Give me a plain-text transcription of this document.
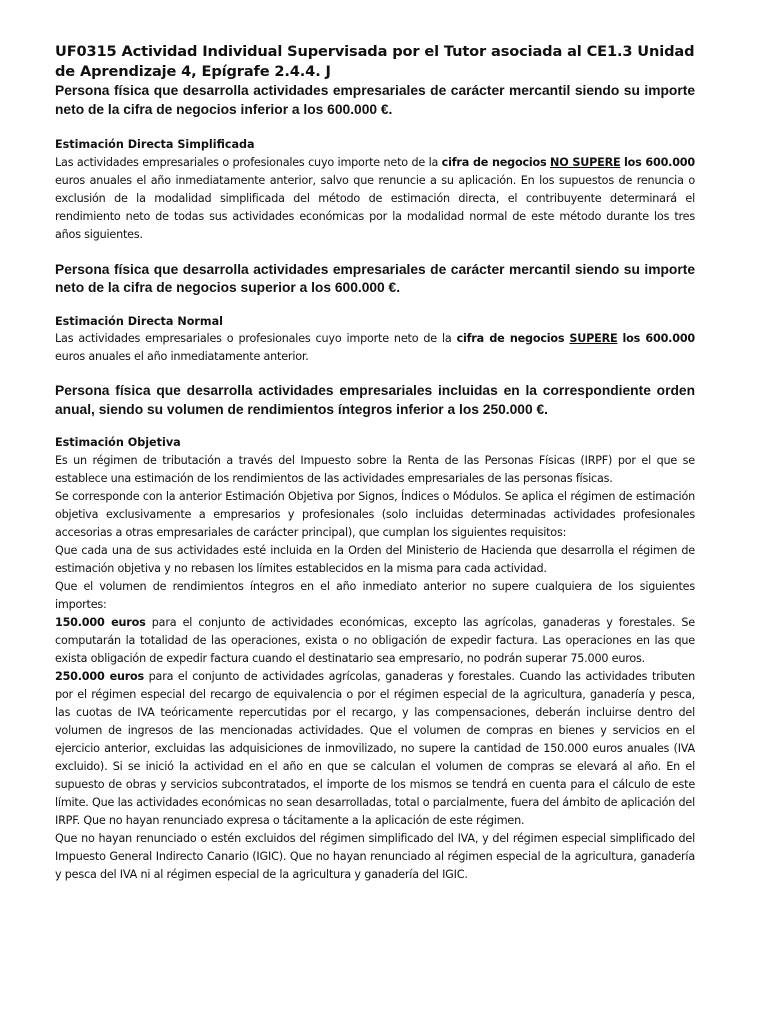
UF0315 Actividad Individual Supervisada por el Tutor asociada al CE1.3 Unidad de Aprendizaje 4, Epígrafe 2.4.4. J
Persona física que desarrolla actividades empresariales de carácter mercantil siendo su importe neto de la cifra de negocios inferior a los 600.000 €.
Estimación Directa Simplificada

Las actividades empresariales o profesionales cuyo importe neto de la cifra de negocios NO SUPERE los 600.000 euros anuales el año inmediatamente anterior, salvo que renuncie a su aplicación. En los supuestos de renuncia o exclusión de la modalidad simplificada del método de estimación directa, el contribuyente determinará el rendimiento neto de todas sus actividades económicas por la modalidad normal de este método durante los tres años siguientes.

Persona física que desarrolla actividades empresariales de carácter mercantil siendo su importe neto de la cifra de negocios superior a los 600.000 €.
Estimación Directa Normal

Las actividades empresariales o profesionales cuyo importe neto de la cifra de negocios SUPERE los 600.000 euros anuales el año inmediatamente anterior.

Persona física que desarrolla actividades empresariales incluidas en la correspondiente orden anual, siendo su volumen de rendimientos íntegros inferior a los 250.000 €.
Estimación Objetiva

Es un régimen de tributación a través del Impuesto sobre la Renta de las Personas Físicas (IRPF) por el que se establece una estimación de los rendimientos de las actividades empresariales de las personas físicas.

Se corresponde con la anterior Estimación Objetiva por Signos, Índices o Módulos. Se aplica el régimen de estimación objetiva exclusivamente a empresarios y profesionales (solo incluidas determinadas actividades profesionales accesorias a otras empresariales de carácter principal), que cumplan los siguientes requisitos:

Que cada una de sus actividades esté incluida en la Orden del Ministerio de Hacienda que desarrolla el régimen de estimación objetiva y no rebasen los límites establecidos en la misma para cada actividad.

Que el volumen de rendimientos íntegros en el año inmediato anterior no supere cualquiera de los siguientes importes:

150.000 euros para el conjunto de actividades económicas, excepto las agrícolas, ganaderas y forestales. Se computarán la totalidad de las operaciones, exista o no obligación de expedir factura. Las operaciones en las que exista obligación de expedir factura cuando el destinatario sea empresario, no podrán superar 75.000 euros.

250.000 euros para el conjunto de actividades agrícolas, ganaderas y forestales. Cuando las actividades tributen por el régimen especial del recargo de equivalencia o por el régimen especial de la agricultura, ganadería y pesca, las cuotas de IVA teóricamente repercutidas por el recargo, y las compensaciones, deberán incluirse dentro del volumen de ingresos de las mencionadas actividades. Que el volumen de compras en bienes y servicios en el ejercicio anterior, excluidas las adquisiciones de inmovilizado, no supere la cantidad de 150.000 euros anuales (IVA excluido). Si se inició la actividad en el año en que se calculan el volumen de compras se elevará al año. En el supuesto de obras y servicios subcontratados, el importe de los mismos se tendrá en cuenta para el cálculo de este límite. Que las actividades económicas no sean desarrolladas, total o parcialmente, fuera del ámbito de aplicación del IRPF. Que no hayan renunciado expresa o tácitamente a la aplicación de este régimen.

Que no hayan renunciado o estén excluidos del régimen simplificado del IVA, y del régimen especial simplificado del Impuesto General Indirecto Canario (IGIC). Que no hayan renunciado al régimen especial de la agricultura, ganadería y pesca del IVA ni al régimen especial de la agricultura y ganadería del IGIC.
